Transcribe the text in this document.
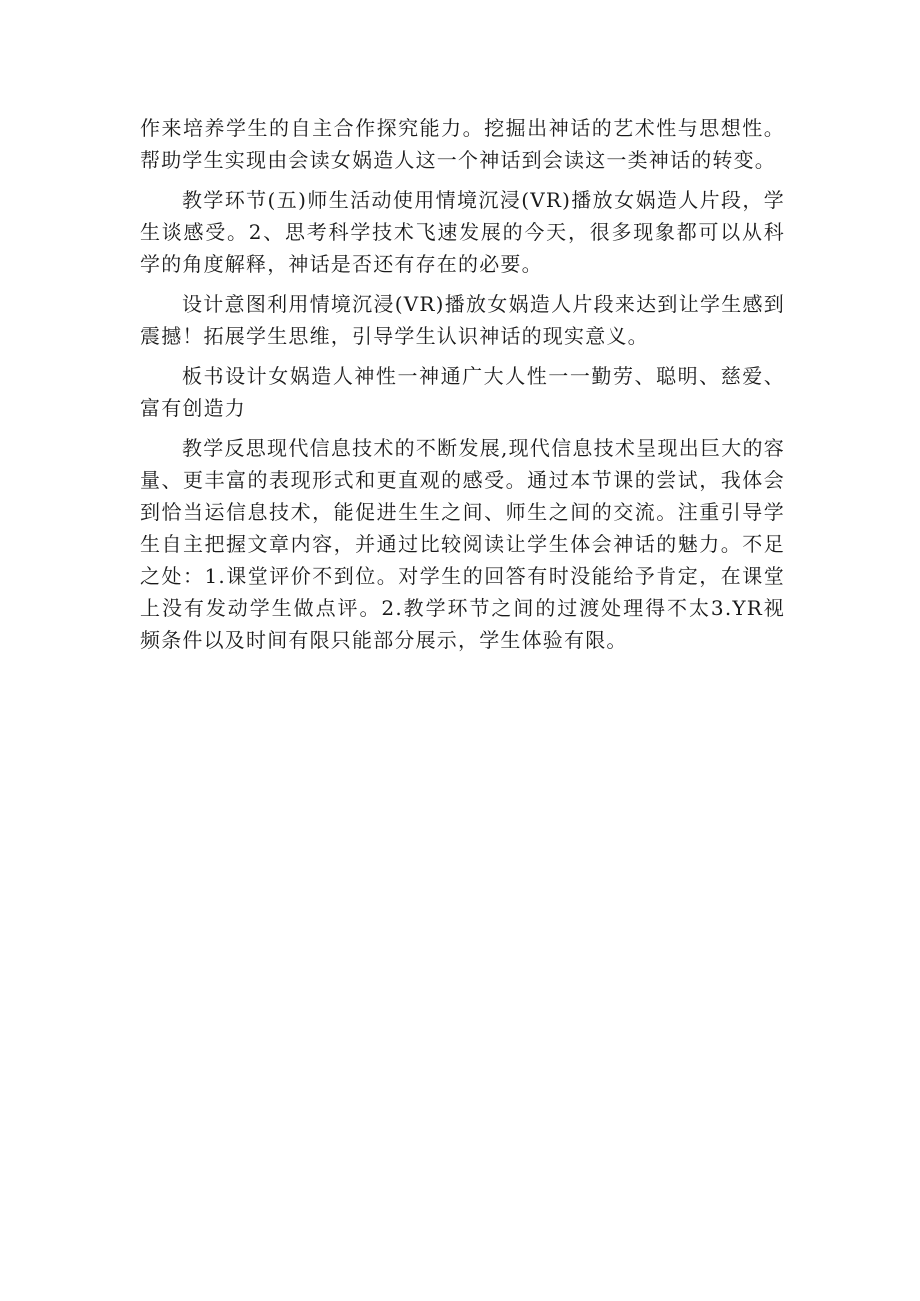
作来培养学生的自主合作探究能力。挖掘出神话的艺术性与思想性。帮助学生实现由会读女娲造人这一个神话到会读这一类神话的转变。

教学环节(五)师生活动使用情境沉浸(VR)播放女娲造人片段，学生谈感受。2、思考科学技术飞速发展的今天，很多现象都可以从科学的角度解释，神话是否还有存在的必要。

设计意图利用情境沉浸(VR)播放女娲造人片段来达到让学生感到震撼！拓展学生思维，引导学生认识神话的现实意义。

板书设计女娲造人神性一神通广大人性一一勤劳、聪明、慈爱、富有创造力

教学反思现代信息技术的不断发展,现代信息技术呈现出巨大的容量、更丰富的表现形式和更直观的感受。通过本节课的尝试，我体会到恰当运信息技术，能促进生生之间、师生之间的交流。注重引导学生自主把握文章内容，并通过比较阅读让学生体会神话的魅力。不足之处：1.课堂评价不到位。对学生的回答有时没能给予肯定，在课堂上没有发动学生做点评。2.教学环节之间的过渡处理得不太3.YR视频条件以及时间有限只能部分展示，学生体验有限。
